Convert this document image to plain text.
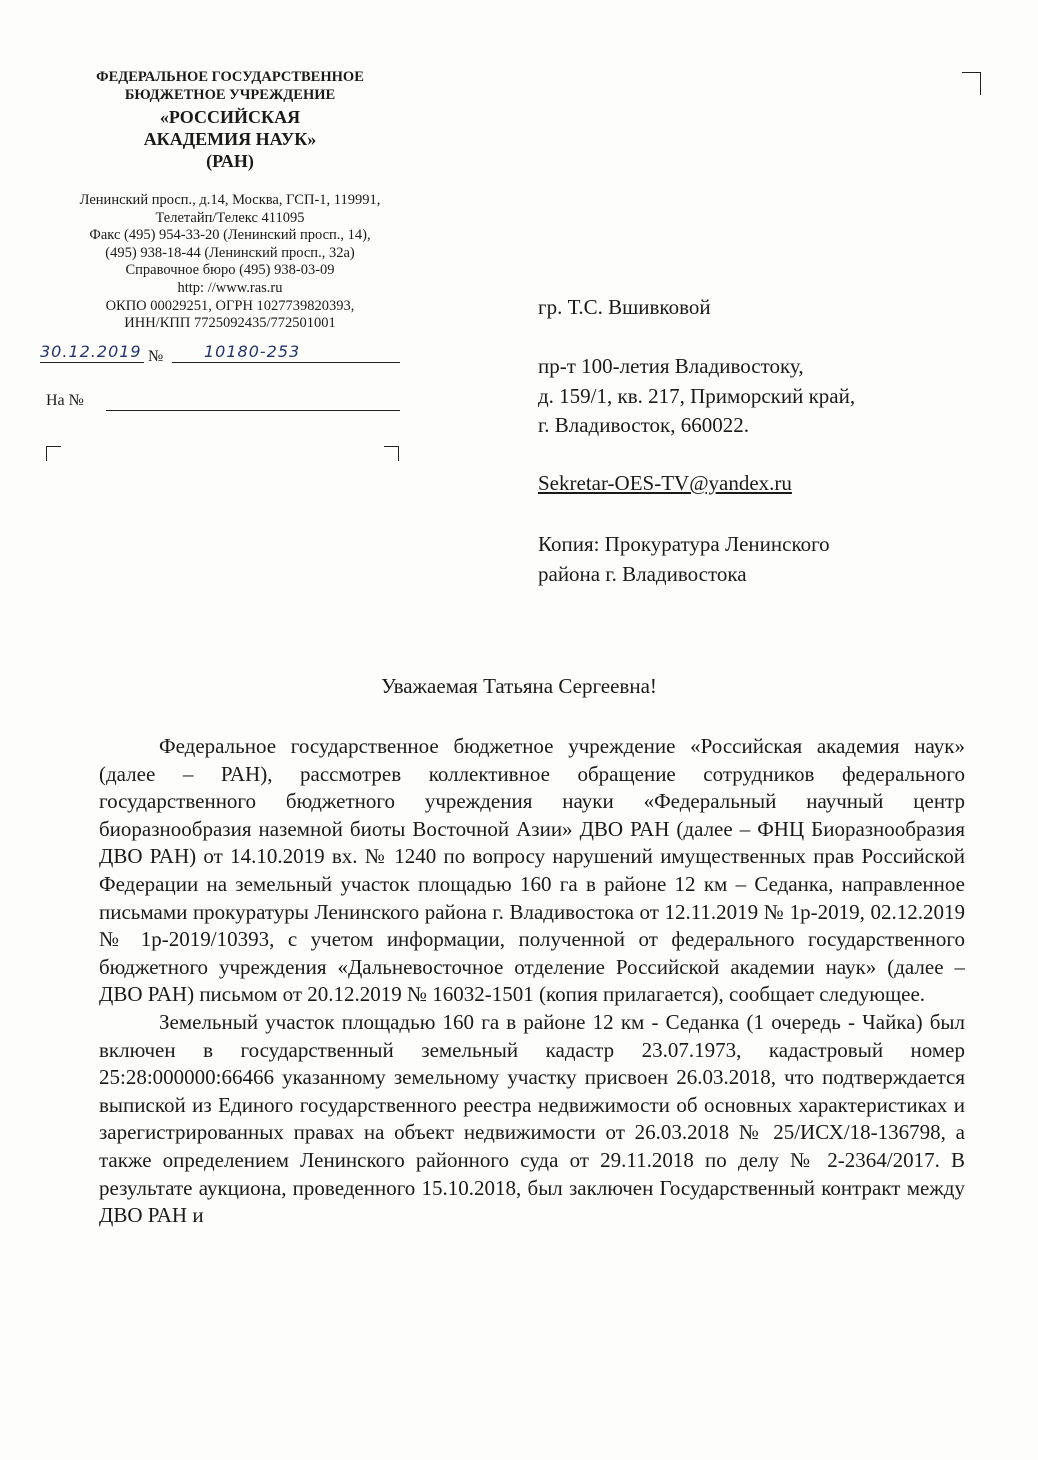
ФЕДЕРАЛЬНОЕ ГОСУДАРСТВЕННОЕ
БЮДЖЕТНОЕ УЧРЕЖДЕНИЕ
«РОССИЙСКАЯ
АКАДЕМИЯ НАУК»
(РАН)
Ленинский просп., д.14, Москва, ГСП-1, 119991,
Телетайп/Телекс 411095
Факс (495) 954-33-20 (Ленинский просп., 14),
(495) 938-18-44 (Ленинский просп., 32а)
Справочное бюро (495) 938-03-09
http: //www.ras.ru
ОКПО 00029251, ОГРН 1027739820393,
ИНН/КПП 7725092435/772501001
30.12.2019 №	10180-253
На №
гр. Т.С. Вшивковой
пр-т 100-летия Владивостоку,
д. 159/1, кв. 217, Приморский край,
г. Владивосток, 660022.
Sekretar-OES-TV@yandex.ru
Копия: Прокуратура Ленинского
района г. Владивостока
Уважаемая Татьяна Сергеевна!

Федеральное государственное бюджетное учреждение «Российская академия наук» (далее – РАН), рассмотрев коллективное обращение сотрудников федерального государственного бюджетного учреждения науки «Федеральный научный центр биоразнообразия наземной биоты Восточной Азии» ДВО РАН (далее – ФНЦ Биоразнообразия ДВО РАН) от 14.10.2019 вх. № 1240 по вопросу нарушений имущественных прав Российской Федерации на земельный участок площадью 160 га в районе 12 км – Седанка, направленное письмами прокуратуры Ленинского района г. Владивостока от 12.11.2019 № 1р-2019, 02.12.2019 № 1р-2019/10393, с учетом информации, полученной от федерального государственного бюджетного учреждения «Дальневосточное отделение Российской академии наук» (далее – ДВО РАН) письмом от 20.12.2019 № 16032-1501 (копия прилагается), сообщает следующее.

Земельный участок площадью 160 га в районе 12 км - Седанка (1 очередь - Чайка) был включен в государственный земельный кадастр 23.07.1973, кадастровый номер 25:28:000000:66466 указанному земельному участку присвоен 26.03.2018, что подтверждается выпиской из Единого государственного реестра недвижимости об основных характеристиках и зарегистрированных правах на объект недвижимости от 26.03.2018 № 25/ИСХ/18-136798, а также определением Ленинского районного суда от 29.11.2018 по делу № 2-2364/2017. В результате аукциона, проведенного 15.10.2018, был заключен Государственный контракт между ДВО РАН и
